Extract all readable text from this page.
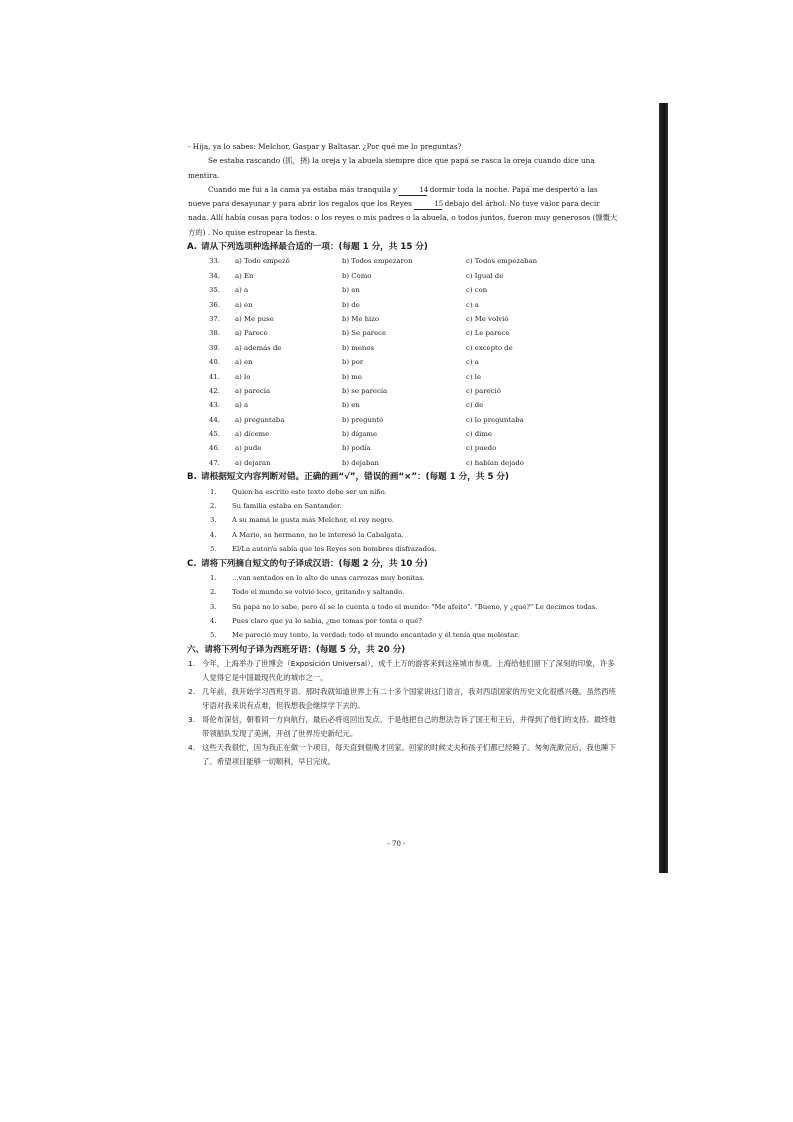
- Hija, ya lo sabes: Melchor, Gaspar y Baltasar. ¿Por qué me lo preguntas?

Se estaba rascando (抓，挠) la oreja y la abuela siempre dice que papá se rasca la oreja cuando dice una mentira.

Cuando me fui a la cama ya estaba más tranquila y	14 dormir toda la noche. Papá me despertó a las nueve para desayunar y para abrir los regalos que los Reyes	15 debajo del árbol. No tuve valor para decir nada. Allí había cosas para todos: o los reyes o mis padres o la abuela, o todos juntos, fueron muy generosos (慷慨大方的) . No quise estropear la fiesta.

A. 请从下列选项种选择最合适的一项：(每题 1 分，共 15 分)
33.	a) Todo empezó	b) Todos empezaron	c) Todos empezaban
34.	a) En	b) Como	c) Igual de
35.	a) a	b) en	c) con
36.	a) en	b) de	c) a
37.	a) Me puse	b) Me hizo	c) Me volvió
38.	a) Parece	b) Se parece	c) Le parece
39.	a) además de	b) menos	c) excepto de
40.	a) en	b) por	c) a
41.	a) lo	b) me	c) le
42.	a) parecía	b) se parecía	c) pareció
43.	a) a	b) en	c) de
44.	a) preguntaba	b) preguntó	c) lo preguntaba
45.	a) díceme	b) dígame	c) dime
46.	a) pude	b) podía	c) puedo
47.	a) dejaran	b) dejaban	c) habían dejado
B. 请根据短文内容判断对错。正确的画“√”，错误的画“×”：(每题 1 分，共 5 分)
1.	Quien ha escrito este texto debe ser un niño.
2.	Su familia estaba en Santander.
3.	A su mamá le gusta más Melchor, el rey negro.
4.	A Mario, su hermano, no le interesó la Cabalgata.
5.	El/La autor/a sabía que los Reyes son hombres disfrazados.
C. 请将下列摘自短文的句子译成汉语：(每题 2 分，共 10 分)
1.	...van sentados en lo alto de unas carrozas muy bonitas.
2.	Todo el mundo se volvió loco, gritando y saltando.
3.	Su papá no lo sabe, pero él se lo cuenta a todo el mundo: "Me afeito". "Bueno, y ¿qué?" Le decimos todas.
4.	Pues claro que ya lo sabía, ¿me tomas por tonta o qué?
5.	Me pareció muy tonto, la verdad; todo el mundo encantado y él tenía que molestar.
六、请将下列句子译为西班牙语：(每题 5 分，共 20 分)
1. 今年，上海举办了世博会（Exposición Universal），成千上万的游客来到这座城市参观。上海给他们留下了深刻的印象，许多人觉得它是中国最现代化的城市之一。
2. 几年前，我开始学习西班牙语。那时我就知道世界上有二十多个国家讲这门语言，我对西语国家的历史文化很感兴趣。虽然西班牙语对我来说有点难，但我想我会继续学下去的。
3. 哥伦布深信，朝着同一方向航行，最后必将返回出发点。于是他把自己的想法告诉了国王和王后，并得到了他们的支持。最终他带领船队发现了美洲，开创了世界历史新纪元。
4. 这些天我很忙，因为我正在做一个项目，每天直到很晚才回家。回家的时候丈夫和孩子们都已经睡了。匆匆洗漱完后，我也睡下了。希望项目能够一切顺利，早日完成。
- 70 -
